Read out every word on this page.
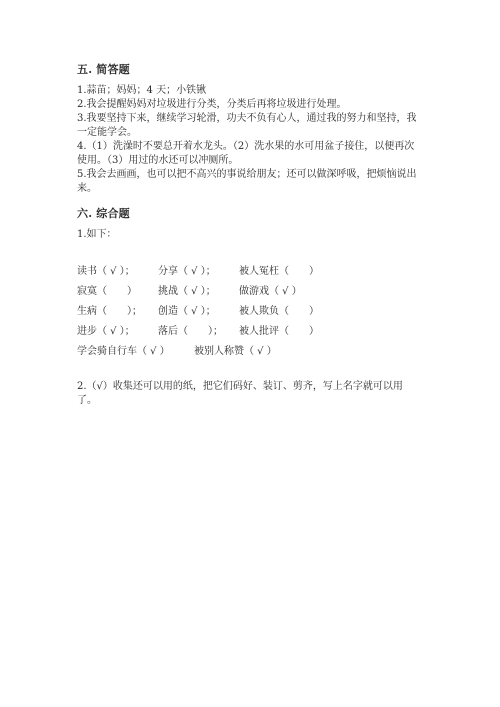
五. 简答题
1.蒜苗；妈妈；4 天；小铁锹
2.我会提醒妈妈对垃圾进行分类，分类后再将垃圾进行处理。
3.我要坚持下来，继续学习轮滑，功夫不负有心人，通过我的努力和坚持，我
一定能学会。
4.（1）洗澡时不要总开着水龙头。（2）洗水果的水可用盆子接住，以便再次
使用。（3）用过的水还可以冲厕所。
5.我会去画画，也可以把不高兴的事说给朋友；还可以做深呼吸，把烦恼说出
来。
六. 综合题
1.如下：
读书（ √ ）； 分享（ √ ）； 被人冤枉（　　）
寂寞（　　） 挑战（ √ ）； 做游戏（ √ ）
生病（　　）； 创造（ √ ）； 被人欺负（　　）
进步（ √ ）； 落后（　　）； 被人批评（　　）
学会骑自行车（ √ ） 被别人称赞（ √ ）
2.（√）收集还可以用的纸，把它们码好、装订、剪齐，写上名字就可以用
了。
